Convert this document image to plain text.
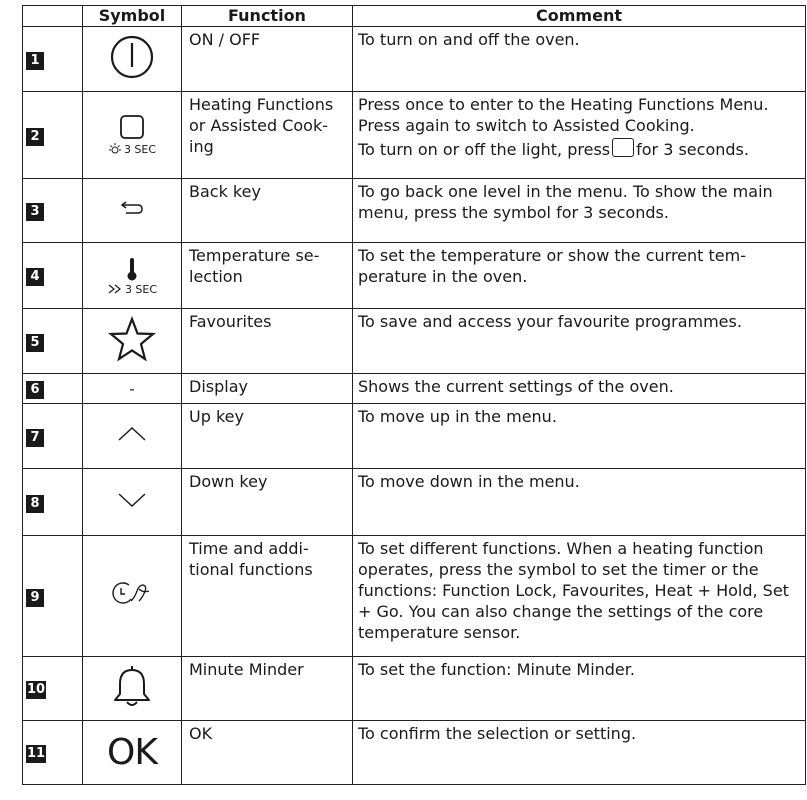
	Symbol	Function	Comment
1		ON / OFF	To turn on and off the oven.
2	3 SEC	Heating Functions or Assisted Cook-ing	Press once to enter to the Heating Functions Menu. Press again to switch to Assisted Cooking.
To turn on or off the light, press for 3 seconds.

3		Back key	To go back one level in the menu. To show the main menu, press the symbol for 3 seconds.
4	3 SEC	Temperature se-lection	To set the temperature or show the current tem-perature in the oven.
5		Favourites	To save and access your favourite programmes.
6	-	Display	Shows the current settings of the oven.
7		Up key	To move up in the menu.
8		Down key	To move down in the menu.
9		Time and addi-tional functions	To set different functions. When a heating function operates, press the symbol to set the timer or the functions: Function Lock, Favourites, Heat + Hold, Set + Go. You can also change the settings of the core temperature sensor.
10		Minute Minder	To set the function: Minute Minder.
11	OK	OK	To confirm the selection or setting.
